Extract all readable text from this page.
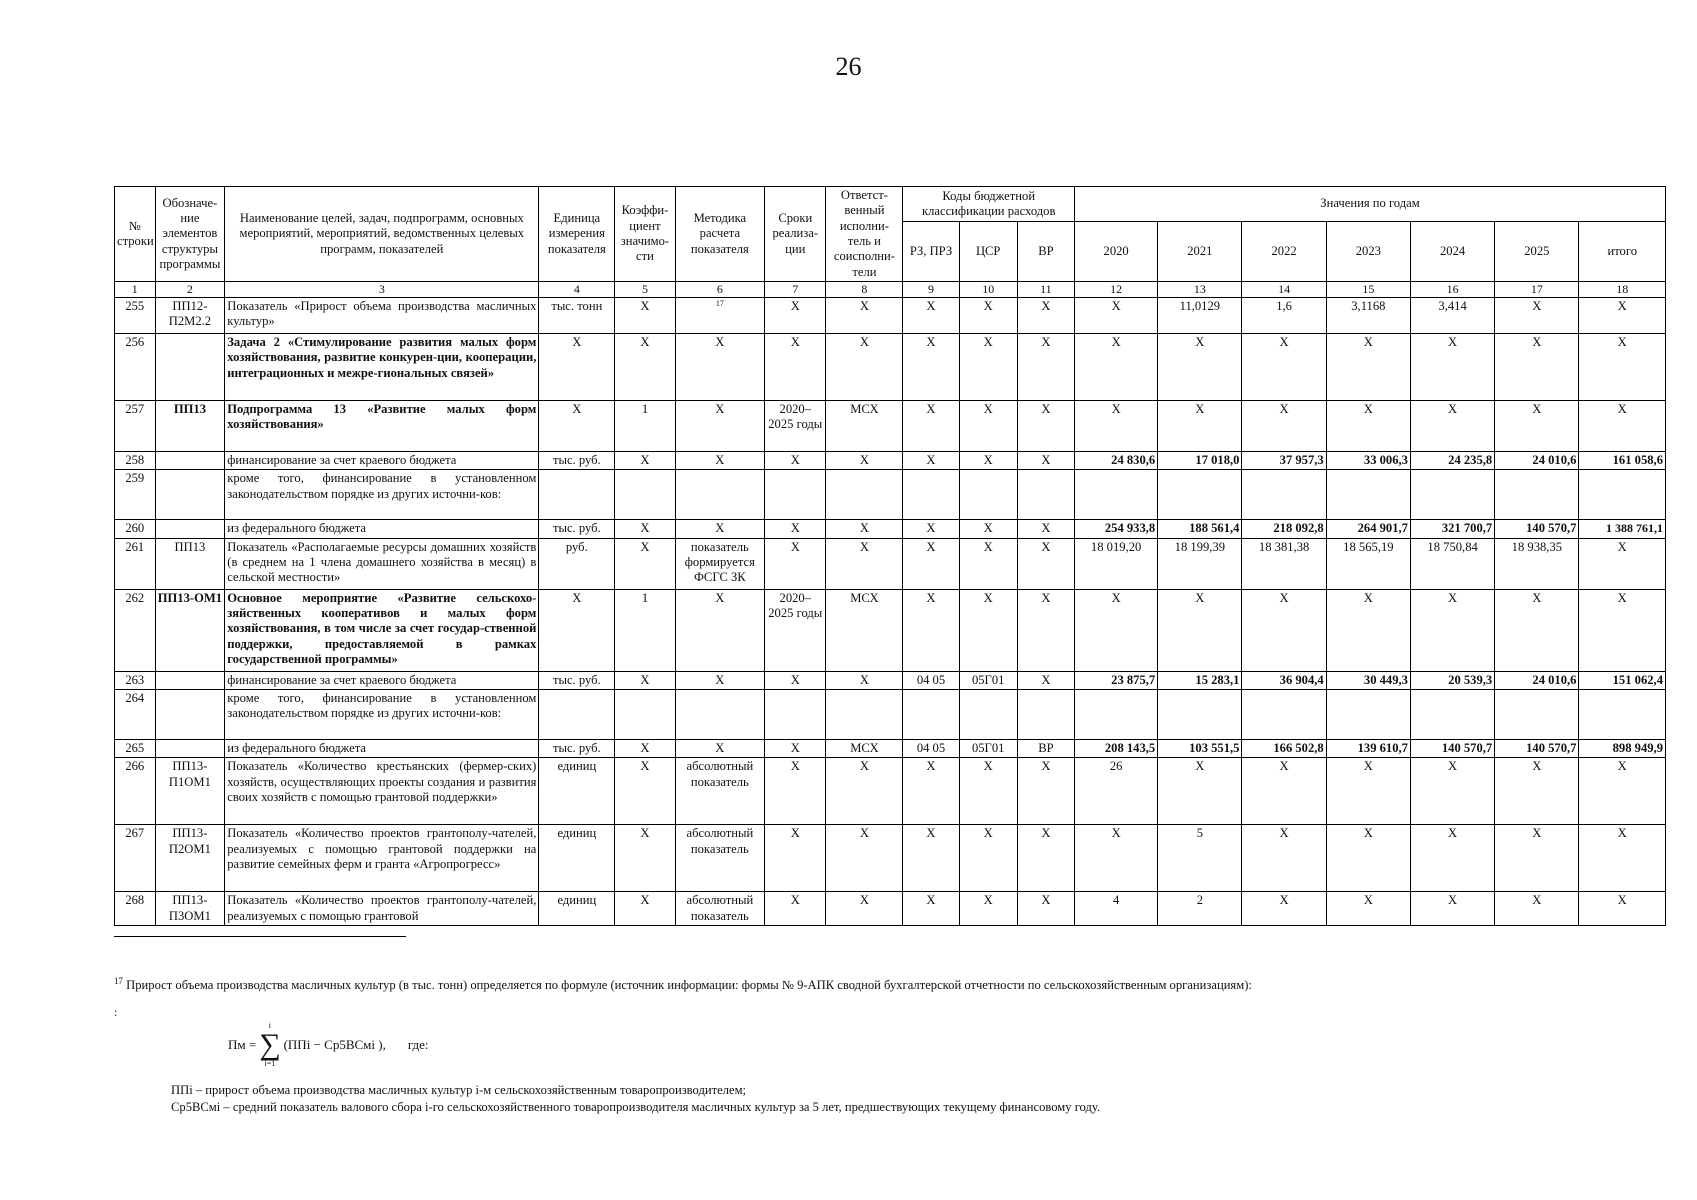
26
№ строки	Обозначе-ние элементов структуры программы	Наименование целей, задач, подпрограмм, основных мероприятий, мероприятий, ведомственных целевых программ, показателей	Единица измерения показателя	Коэффи-циент значимо-сти	Методика расчета показателя	Сроки реализа-ции	Ответст-венный исполни-тель и соисполни-тели	Коды бюджетной классификации расходов			Значения по годам						
								РЗ, ПРЗ	ЦСР	ВР	2020	2021	2022	2023	2024	2025	итого
1	2	3	4	5	6	7	8	9	10	11	12	13	14	15	16	17	18
255	ПП12-П2М2.2	Показатель «Прирост объема производства масличных культур»	тыс. тонн	X	$^{17}$	X	X	X	X	X	X	11,0129	1,6	3,1168	3,414	X	X
256		Задача 2 «Стимулирование развития малых форм хозяйствования, развитие конкурен-ции, кооперации, интеграционных и межре-гиональных связей»	X	X	X	X	X	X	X	X	X	X	X	X	X	X	X
257	ПП13	Подпрограмма 13 «Развитие малых форм хозяйствования»	X	1	X	2020–2025 годы	МСХ	X	X	X	X	X	X	X	X	X	X
258		финансирование за счет краевого бюджета	тыс. руб.	X	X	X	X	X	X	X	24 830,6	17 018,0	37 957,3	33 006,3	24 235,8	24 010,6	161 058,6
259		кроме того, финансирование в установленном законодательством порядке из других источни-ков:															
260		из федерального бюджета	тыс. руб.	X	X	X	X	X	X	X	254 933,8	188 561,4	218 092,8	264 901,7	321 700,7	140 570,7	1 388 761,1
261	ПП13	Показатель «Располагаемые ресурсы домашних хозяйств (в среднем на 1 члена домашнего хозяйства в месяц) в сельской местности»	руб.	X	показатель формируется ФСГС ЗК	X	X	X	X	X	18 019,20	18 199,39	18 381,38	18 565,19	18 750,84	18 938,35	X
262	ПП13-ОМ1	Основное мероприятие «Развитие сельскохо-зяйственных кооперативов и малых форм хозяйствования, в том числе за счет государ-ственной поддержки, предоставляемой в рамках государственной программы»	X	1	X	2020–2025 годы	МСХ	X	X	X	X	X	X	X	X	X	X
263		финансирование за счет краевого бюджета	тыс. руб.	X	X	X	X	04 05	05Г01	X	23 875,7	15 283,1	36 904,4	30 449,3	20 539,3	24 010,6	151 062,4
264		кроме того, финансирование в установленном законодательством порядке из других источни-ков:															
265		из федерального бюджета	тыс. руб.	X	X	X	МСХ	04 05	05Г01	ВР	208 143,5	103 551,5	166 502,8	139 610,7	140 570,7	140 570,7	898 949,9
266	ПП13-П1ОМ1	Показатель «Количество крестьянских (фермер-ских) хозяйств, осуществляющих проекты создания и развития своих хозяйств с помощью грантовой поддержки»	единиц	X	абсолютный показатель	X	X	X	X	X	26	X	X	X	X	X	X
267	ПП13-П2ОМ1	Показатель «Количество проектов грантополу-чателей, реализуемых с помощью грантовой поддержки на развитие семейных ферм и гранта «Агропрогресс»	единиц	X	абсолютный показатель	X	X	X	X	X	X	5	X	X	X	X	X
268	ПП13-П3ОМ1	Показатель «Количество проектов грантополу-чателей, реализуемых с помощью грантовой	единиц	X	абсолютный показатель	X	X	X	X	X	4	2	X	X	X	X	X
$^{17}$ Прирост объема производства масличных культур (в тыс. тонн) определяется по формуле (источник информации: формы № 9-АПК сводной бухгалтерской отчетности по сельскохозяйственным организациям):
:
Пм =
i
∑
i=1
(ППi − Ср5ВСмi ), где:
ППi – прирост объема производства масличных культур i-м сельскохозяйственным товаропроизводителем;
Ср5ВСмi – средний показатель валового сбора i-го сельскохозяйственного товаропроизводителя масличных культур за 5 лет, предшествующих текущему финансовому году.
